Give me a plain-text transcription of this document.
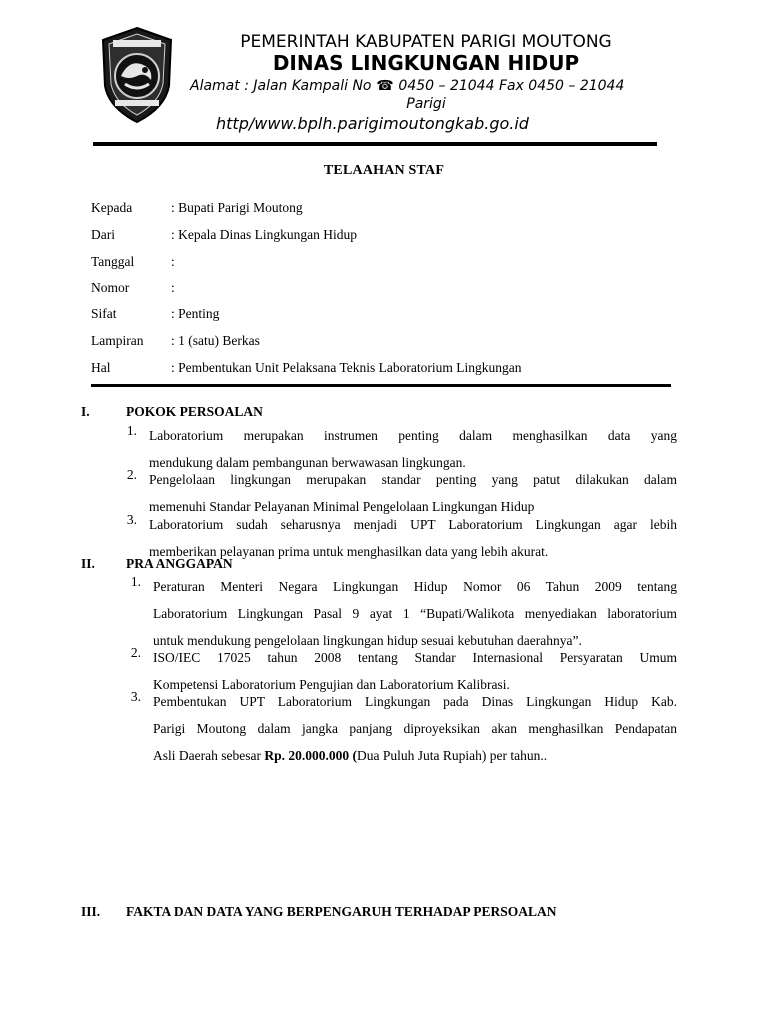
PEMERINTAH KABUPATEN PARIGI MOUTONG
DINAS LINGKUNGAN HIDUP
Alamat : Jalan Kampali No ☎ 0450 – 21044 Fax 0450 – 21044
Parigi
http/www.bplh.parigimoutongkab.go.id
TELAAHAN STAF
Kepada	: Bupati Parigi Moutong
Dari	: Kepala Dinas Lingkungan Hidup
Tanggal	:
Nomor	:
Sifat	: Penting
Lampiran : 1 (satu) Berkas
Hal	: Pembentukan Unit Pelaksana Teknis Laboratorium Lingkungan
I.	POKOK PERSOALAN
1. Laboratorium merupakan instrumen penting dalam menghasilkan data yang
mendukung dalam pembangunan berwawasan lingkungan.
2. Pengelolaan lingkungan merupakan standar penting yang patut dilakukan dalam
memenuhi Standar Pelayanan Minimal Pengelolaan Lingkungan Hidup
3. Laboratorium sudah seharusnya menjadi UPT Laboratorium Lingkungan agar lebih
memberikan pelayanan prima untuk menghasilkan data yang lebih akurat.
II. PRA ANGGAPAN
1. Peraturan Menteri Negara Lingkungan Hidup Nomor 06 Tahun 2009 tentang
Laboratorium Lingkungan Pasal 9 ayat 1 “Bupati/Walikota menyediakan laboratorium
untuk mendukung pengelolaan lingkungan hidup sesuai kebutuhan daerahnya”.
2. ISO/IEC 17025 tahun 2008 tentang Standar Internasional Persyaratan Umum
Kompetensi Laboratorium Pengujian dan Laboratorium Kalibrasi.
3. Pembentukan UPT Laboratorium Lingkungan pada Dinas Lingkungan Hidup Kab.
Parigi Moutong dalam jangka panjang diproyeksikan akan menghasilkan Pendapatan
Asli Daerah sebesar Rp. 20.000.000 (Dua Puluh Juta Rupiah) per tahun..
III. FAKTA DAN DATA YANG BERPENGARUH TERHADAP PERSOALAN
